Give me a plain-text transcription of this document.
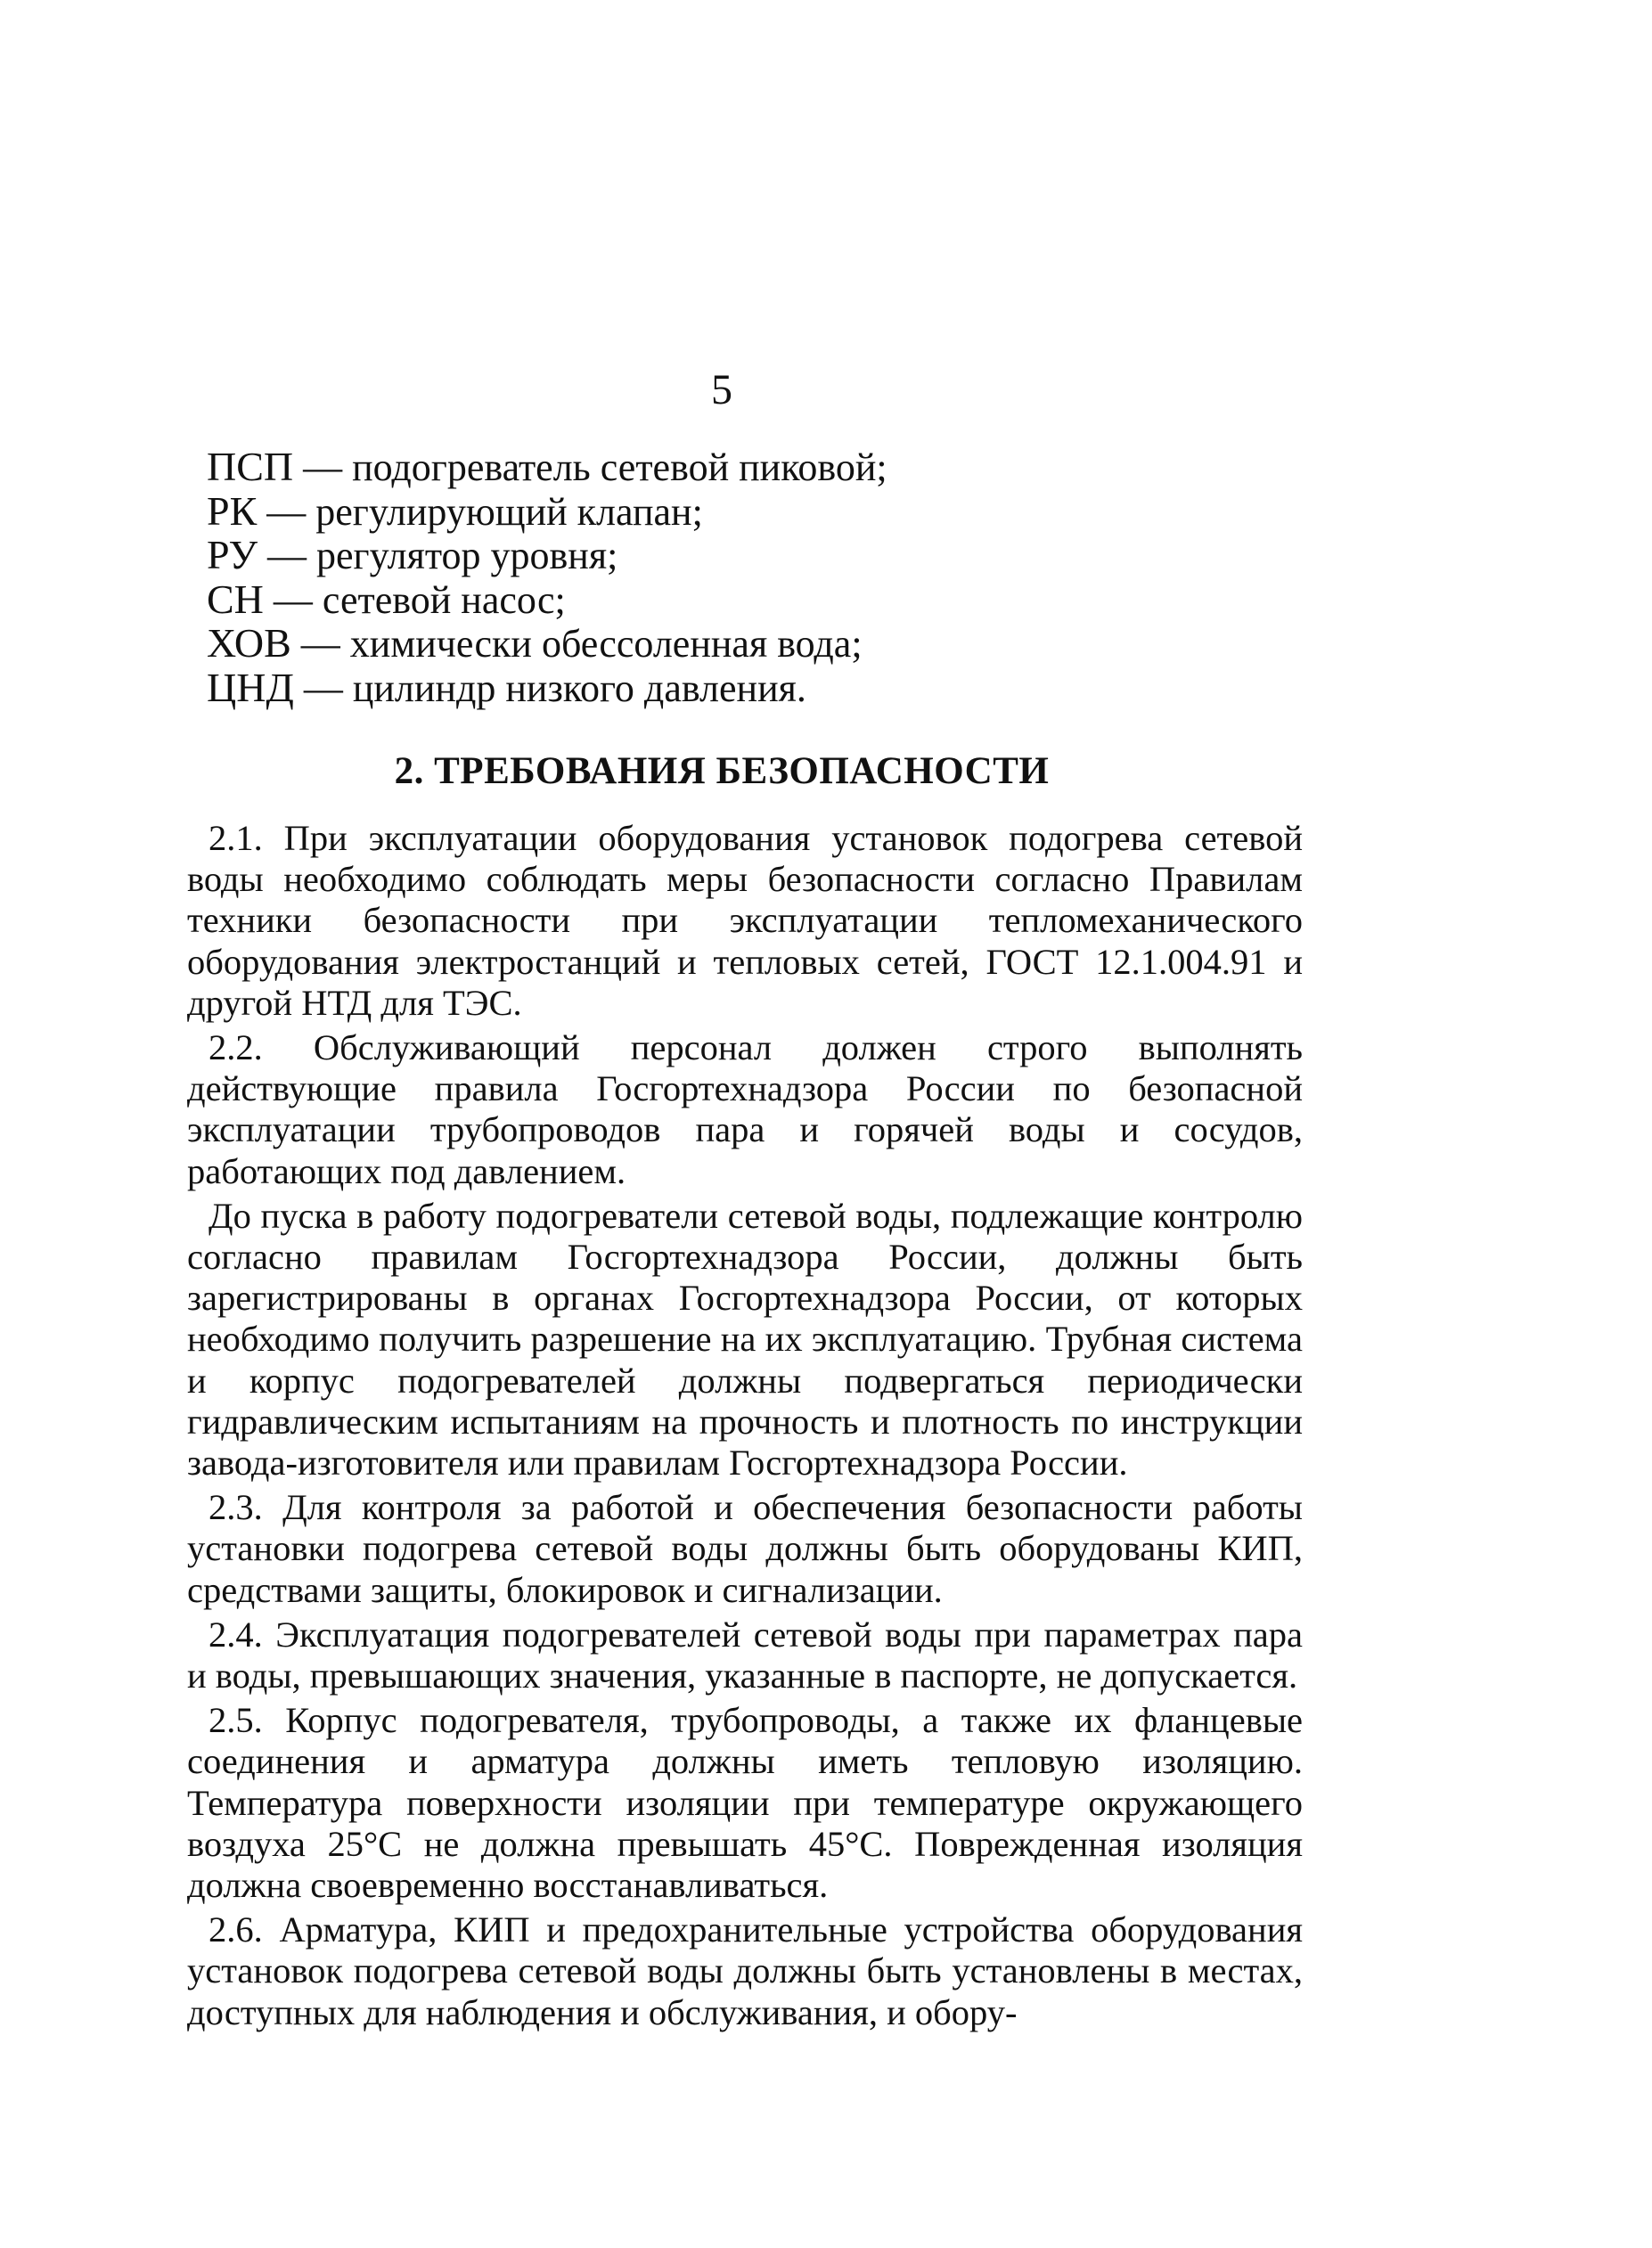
5
ПСП — подогреватель сетевой пиковой;
РК — регулирующий клапан;
РУ — регулятор уровня;
СН — сетевой насос;
ХОВ — химически обессоленная вода;
ЦНД — цилиндр низкого давления.
2. ТРЕБОВАНИЯ БЕЗОПАСНОСТИ

2.1. При эксплуатации оборудования установок подогрева сетевой воды необходимо соблюдать меры безопасности согласно Правилам техники безопасности при эксплуатации тепломеханического оборудования электростанций и тепловых сетей, ГОСТ 12.1.004.91 и другой НТД для ТЭС.

2.2. Обслуживающий персонал должен строго выполнять действующие правила Госгортехнадзора России по безопасной эксплуатации трубопроводов пара и горячей воды и сосудов, работающих под давлением.

До пуска в работу подогреватели сетевой воды, подлежащие контролю согласно правилам Госгортехнадзора России, должны быть зарегистрированы в органах Госгортехнадзора России, от которых необходимо получить разрешение на их эксплуатацию. Трубная система и корпус подогревателей должны подвергаться периодически гидравлическим испытаниям на прочность и плотность по инструкции завода-изготовителя или правилам Госгортехнадзора России.

2.3. Для контроля за работой и обеспечения безопасности работы установки подогрева сетевой воды должны быть оборудованы КИП, средствами защиты, блокировок и сигнализации.

2.4. Эксплуатация подогревателей сетевой воды при параметрах пара и воды, превышающих значения, указанные в паспорте, не допускается.

2.5. Корпус подогревателя, трубопроводы, а также их фланцевые соединения и арматура должны иметь тепловую изоляцию. Температура поверхности изоляции при температуре окружающего воздуха 25°С не должна превышать 45°С. Поврежденная изоляция должна своевременно восстанавливаться.

2.6. Арматура, КИП и предохранительные устройства оборудования установок подогрева сетевой воды должны быть установлены в местах, доступных для наблюдения и обслуживания, и обору-
